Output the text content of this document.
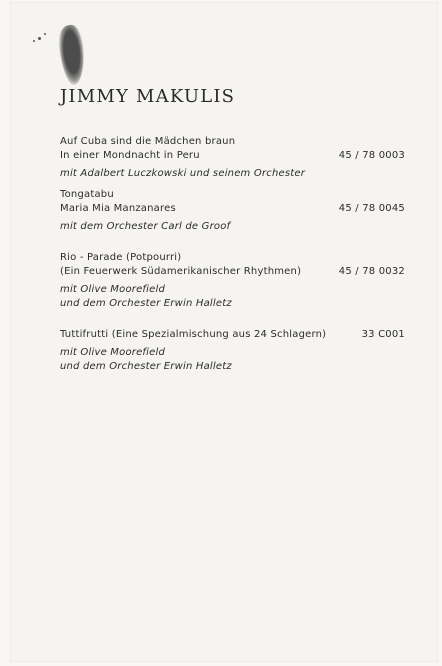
JIMMY MAKULIS
Auf Cuba sind die Mädchen braun
In einer Mondnacht in Peru	45 / 78 0003
mit Adalbert Luczkowski und seinem Orchester
Tongatabu
Maria Mia Manzanares	45 / 78 0045
mit dem Orchester Carl de Groof
Rio - Parade (Potpourri)
(Ein Feuerwerk Südamerikanischer Rhythmen)	45 / 78 0032
mit Olive Moorefield
und dem Orchester Erwin Halletz
Tuttifrutti (Eine Spezialmischung aus 24 Schlagern)	33 C001
mit Olive Moorefield
und dem Orchester Erwin Halletz
